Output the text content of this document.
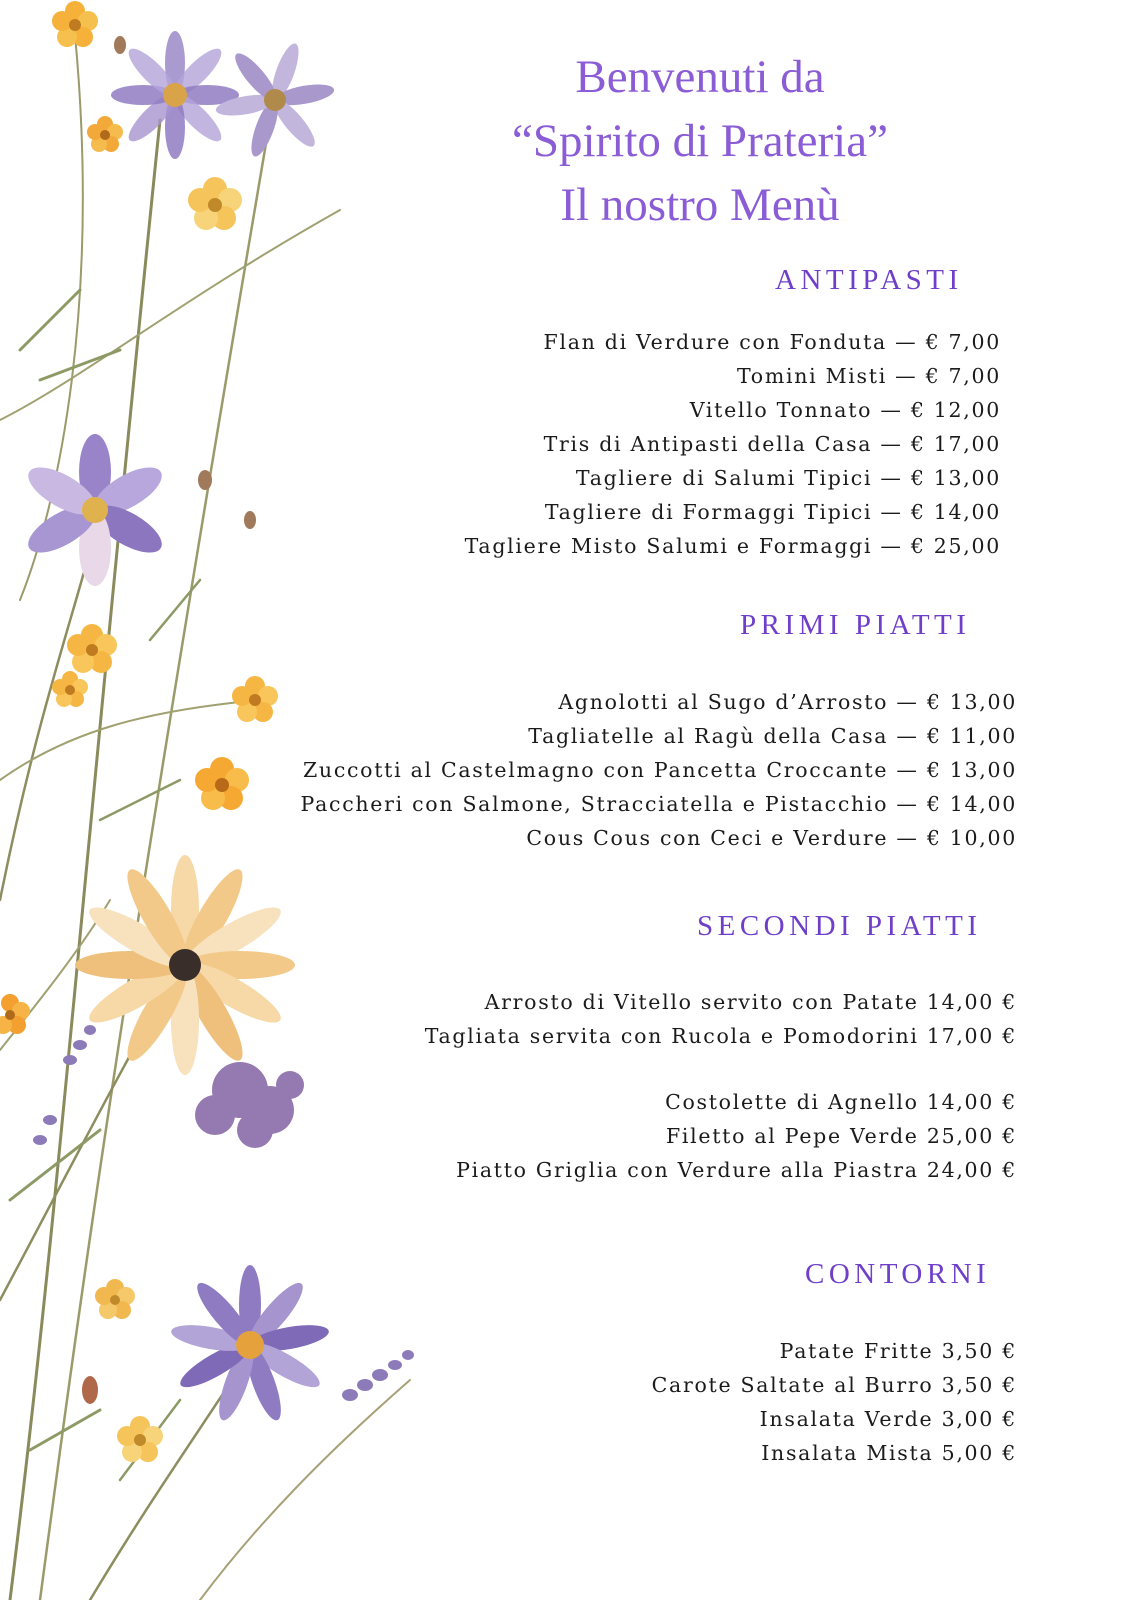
Benvenuti da
“Spirito di Prateria”
Il nostro Menù
ANTIPASTI
Flan di Verdure con Fonduta — € 7,00
Tomini Misti — € 7,00
Vitello Tonnato — € 12,00
Tris di Antipasti della Casa — € 17,00
Tagliere di Salumi Tipici — € 13,00
Tagliere di Formaggi Tipici — € 14,00
Tagliere Misto Salumi e Formaggi — € 25,00
PRIMI PIATTI
Agnolotti al Sugo d’Arrosto — € 13,00
Tagliatelle al Ragù della Casa — € 11,00
Zuccotti al Castelmagno con Pancetta Croccante — € 13,00
Paccheri con Salmone, Stracciatella e Pistacchio — € 14,00
Cous Cous con Ceci e Verdure — € 10,00
SECONDI PIATTI
Arrosto di Vitello servito con Patate 14,00 €
Tagliata servita con Rucola e Pomodorini 17,00 €
Costolette di Agnello 14,00 €
Filetto al Pepe Verde 25,00 €
Piatto Griglia con Verdure alla Piastra 24,00 €
CONTORNI
Patate Fritte 3,50 €
Carote Saltate al Burro 3,50 €
Insalata Verde 3,00 €
Insalata Mista 5,00 €
